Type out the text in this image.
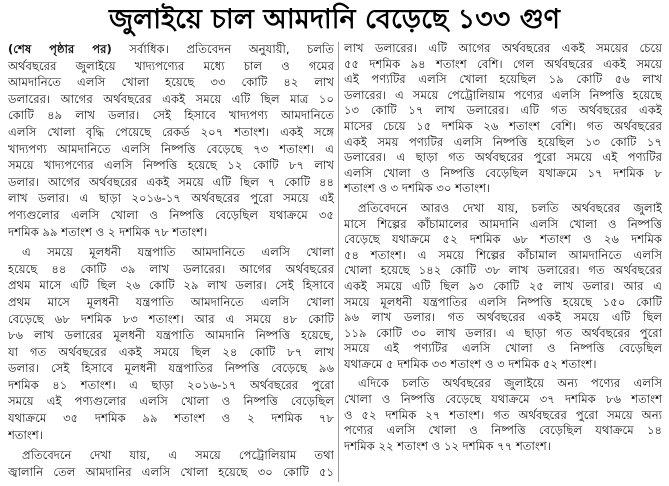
জুলাইয়ে চাল আমদানি বেড়েছে ১৩৩ গুণ
(শেষ পৃষ্ঠার পর) সর্বাধিক। প্রতিবেদন অনুযায়ী, চলতি
অর্থবছরের জুলাইয়ে খাদ্যপণ্যের মধ্যে চাল ও গমের
আমদানিতে এলসি খোলা হয়েছে ৩৩ কোটি ৪২ লাখ
ডলারের। আগের অর্থবছরের একই সময়ে এটি ছিল মাত্র ১০
কোটি ৪৯ লাখ ডলার। সেই হিসাবে খাদ্যপণ্য আমদানিতে
এলসি খোলা বৃদ্ধি পেয়েছে রেকর্ড ২০৭ শতাংশ। একই সঙ্গে
খাদ্যপণ্য আমদানিতে এলসি নিষ্পত্তি বেড়েছে ৭৩ শতাংশ। এ
সময়ে খাদ্যপণ্যের এলসি নিষ্পত্তি হয়েছে ১২ কোটি ৮৭ লাখ
ডলার। আগের অর্থবছরের একই সময়ে এটি ছিল ৭ কোটি ৪৪
লাখ ডলার। এ ছাড়া ২০১৬-১৭ অর্থবছরের পুরো সময়ে এই
পণ্যগুলোর এলসি খোলা ও নিষ্পত্তি বেড়েছিল যথাক্রমে ৩৫
দশমিক ৯৯ শতাংশ ও ২ দশমিক ৭৮ শতাংশ।
এ সময়ে মূলধনী যন্ত্রপাতি আমদানিতে এলসি খোলা
হয়েছে ৪৪ কোটি ৩৯ লাখ ডলারের। আগের অর্থবছরের
প্রথম মাসে এটি ছিল ২৬ কোটি ২৯ লাখ ডলার। সেই হিসাবে
প্রথম মাসে মূলধনী যন্ত্রপাতি আমদানিতে এলসি খোলা
বেড়েছে ৬৮ দশমিক ৮৩ শতাংশ। আর এ সময়ে ৪৮ কোটি
৮৬ লাখ ডলারের মূলধনী যন্ত্রপাতি আমদানি নিষ্পত্তি হয়েছে,
যা গত অর্থবছরের একই সময়ে ছিল ২৪ কোটি ৮৭ লাখ
ডলার। সেই হিসাবে মূলধনী যন্ত্রপাতির নিষ্পত্তি বেড়েছে ৯৬
দশমিক ৪১ শতাংশ। এ ছাড়া ২০১৬-১৭ অর্থবছরের পুরো
সময়ে এই পণ্যগুলোর এলসি খোলা ও নিষ্পত্তি বেড়েছিল
যথাক্রমে ৩৫ দশমিক ৯৯ শতাংশ ও ২ দশমিক ৭৮
শতাংশ।
প্রতিবেদনে দেখা যায়, এ সময়ে পেট্রোলিয়াম তথা
জ্বালানি তেল আমদানির এলসি খোলা হয়েছে ৩০ কোটি ৫১
লাখ ডলারের। এটি আগের অর্থবছরের একই সময়ের চেয়ে
৫৫ দশমিক ৯৪ শতাংশ বেশি। গেল অর্থবছরের একই সময়ে
এই পণ্যটির এলসি খোলা হয়েছিল ১৯ কোটি ৫৬ লাখ
ডলারের। এ সময়ে পেট্রোলিয়াম পণ্যের এলসি নিষ্পত্তি হয়েছে
১৩ কোটি ১৭ লাখ ডলারের। এটি গত অর্থবছরের একই
মাসের চেয়ে ১৫ দশমিক ২৬ শতাংশ বেশি। গত অর্থবছরের
একই সময় পণ্যটির এলসি নিষ্পত্তি হয়েছিল ১৩ কোটি ১৭
ডলারের। এ ছাড়া গত অর্থবছরের পুরো সময়ে এই পণ্যটির
এলসি খোলা ও নিষ্পত্তি বেড়েছিল যথাক্রমে ১৭ দশমিক ৮
শতাংশ ও ৩ দশমিক ৩০ শতাংশ।
প্রতিবেদনে আরও দেখা যায়, চলতি অর্থবছরের জুলাই
মাসে শিল্পের কাঁচামালের আমদানি এলসি খোলা ও নিষ্পত্তি
বেড়েছে যথাক্রমে ৫২ দশমিক ৬৮ শতাংশ ও ২৬ দশমিক
৫৪ শতাংশ। এ সময়ে শিল্পের কাঁচামাল আমদানিতে এলসি
খোলা হয়েছে ১৪২ কোটি ৩৮ লাখ ডলারের। গত অর্থবছরের
একই সময়ে এটি ছিল ৯৩ কোটি ২৫ লাখ ডলার। আর এ
সময়ে মূলধনী যন্ত্রপাতির এলসি নিষ্পত্তি হয়েছে ১৫০ কোটি
৯৬ লাখ ডলার। গত অর্থবছরের একই সময়ে এটি ছিল
১১৯ কোটি ৩০ লাখ ডলার। এ ছাড়া গত অর্থবছরের পুরো
সময়ে এই পণ্যটির এলসি খোলা ও নিষ্পত্তি বেড়েছিল
যথাক্রমে ৫ দশমিক ৩৩ শতাংশ ও ৩ দশমিক ৫২ শতাংশ।
এদিকে চলতি অর্থবছরের জুলাইয়ে অন্য পণ্যের এলসি
খোলা ও নিষ্পত্তি বেড়েছে যথাক্রমে ৩৭ দশমিক ৮৬ শতাংশ
ও ৫২ দশমিক ২৭ শতাংশ। গত অর্থবছরের পুরো সময়ে অন্য
পণ্যের এলসি খোলা ও নিষ্পত্তি বেড়েছিল যথাক্রমে ১৪
দশমিক ২২ শতাংশ ও ১২ দশমিক ৭৭ শতাংশ।
